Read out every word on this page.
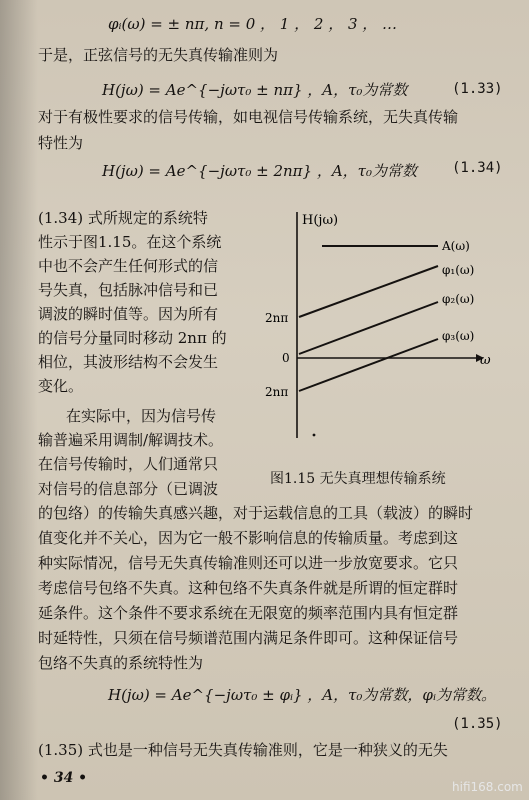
φᵢ(ω) = ± nπ, n = 0 ， 1 ， 2 ， 3 ， …
于是，正弦信号的无失真传输准则为
H(jω) = Ae^{−jωτ₀ ± nπ} ，A，τ₀为常数	(1.33)
对于有极性要求的信号传输，如电视信号传输系统，无失真传输
特性为
H(jω) = Ae^{−jωτ₀ ± 2nπ} ，A，τ₀为常数	(1.34)
(1.34) 式所规定的系统特
性示于图1.15。在这个系统
中也不会产生任何形式的信
号失真，包括脉冲信号和已
调波的瞬时值等。因为所有
的信号分量同时移动 2nπ 的
相位，其波形结构不会发生
变化。
在实际中，因为信号传
输普遍采用调制/解调技术。
在信号传输时，人们通常只
对信号的信息部分（已调波
的包络）的传输失真感兴趣，对于运载信息的工具（载波）的瞬时
值变化并不关心，因为它一般不影响信息的传输质量。考虑到这
种实际情况，信号无失真传输准则还可以进一步放宽要求。它只
考虑信号包络不失真。这种包络不失真条件就是所谓的恒定群时
延条件。这个条件不要求系统在无限宽的频率范围内具有恒定群
时延特性，只须在信号频谱范围内满足条件即可。这种保证信号
包络不失真的系统特性为
H(jω) = Ae^{−jωτ₀ ± φᵢ} ，A，τ₀为常数，φᵢ为常数。
(1.35)
(1.35) 式也是一种信号无失真传输准则，它是一种狭义的无失
H(jω)
ω
2nπ
0
2nπ
A(ω)
φ₁(ω)
φ₂(ω)
φ₃(ω)
图1.15 无失真理想传输系统
• 34 •
hifi168.com
